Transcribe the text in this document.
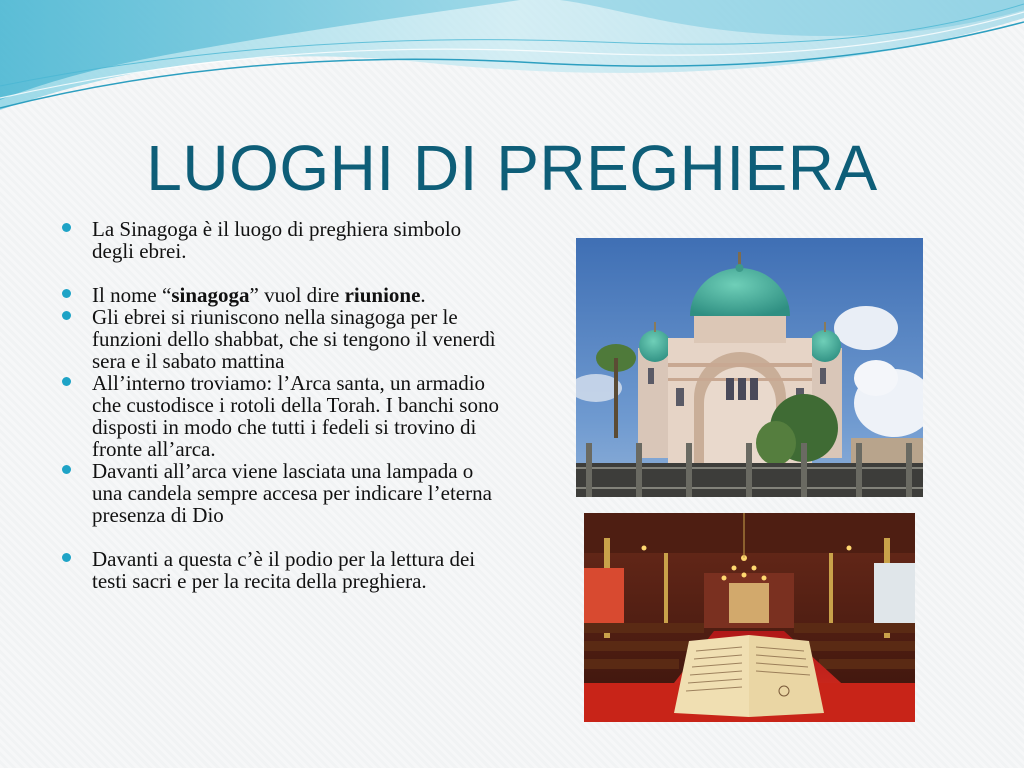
LUOGHI DI PREGHIERA
La Sinagoga è il luogo di preghiera simbolo degli ebrei.
Il nome “sinagoga” vuol dire riunione.
Gli ebrei si riuniscono nella sinagoga per le funzioni dello shabbat, che si tengono il venerdì sera e il sabato mattina
All’interno troviamo: l’Arca santa, un armadio che custodisce i rotoli della Torah. I banchi sono disposti in modo che tutti i fedeli si trovino di fronte all’arca.
Davanti all’arca viene lasciata una lampada o una candela sempre accesa per indicare l’eterna presenza di Dio
Davanti a questa c’è il podio per la lettura dei testi sacri e per la recita della preghiera.
